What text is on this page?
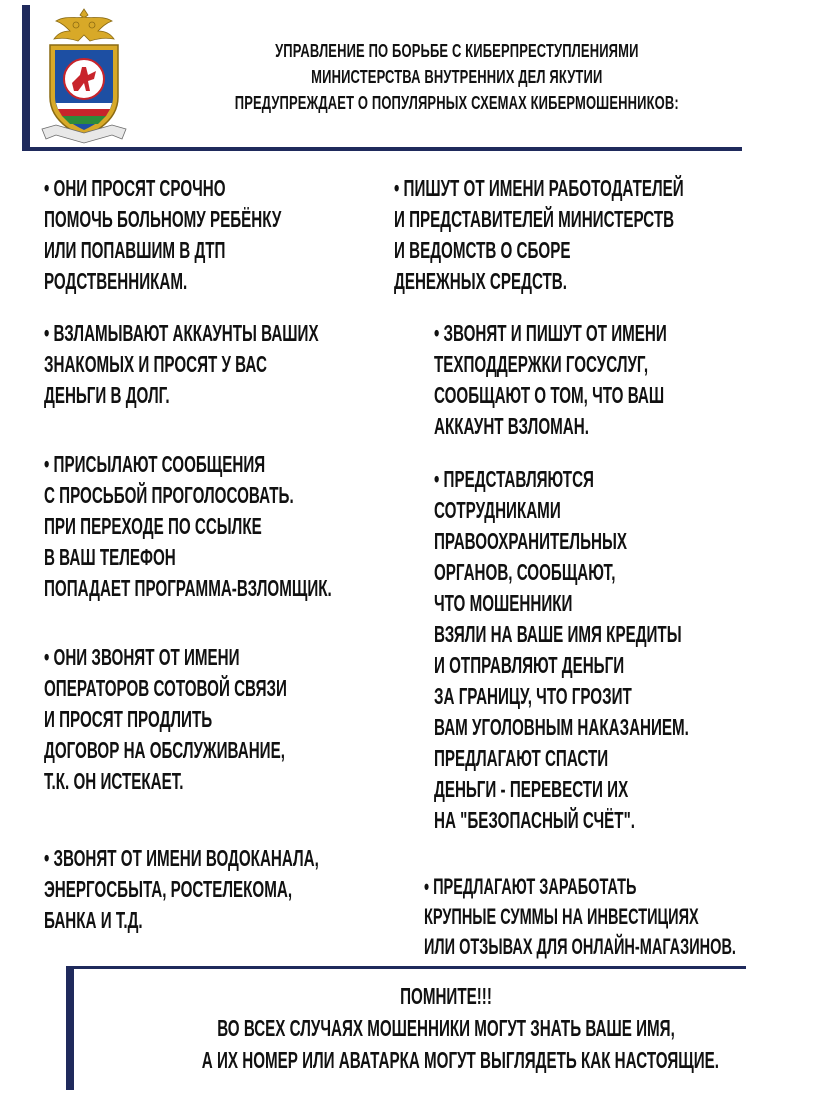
УПРАВЛЕНИЕ ПО БОРЬБЕ С КИБЕРПРЕСТУПЛЕНИЯМИ
МИНИСТЕРСТВА ВНУТРЕННИХ ДЕЛ ЯКУТИИ
ПРЕДУПРЕЖДАЕТ О ПОПУЛЯРНЫХ СХЕМАХ КИБЕРМОШЕННИКОВ:
• ОНИ ПРОСЯТ СРОЧНО
ПОМОЧЬ БОЛЬНОМУ РЕБЁНКУ
ИЛИ ПОПАВШИМ В ДТП
РОДСТВЕННИКАМ.
• ВЗЛАМЫВАЮТ АККАУНТЫ ВАШИХ
ЗНАКОМЫХ И ПРОСЯТ У ВАС
ДЕНЬГИ В ДОЛГ.
• ПРИСЫЛАЮТ СООБЩЕНИЯ
С ПРОСЬБОЙ ПРОГОЛОСОВАТЬ.
ПРИ ПЕРЕХОДЕ ПО ССЫЛКЕ
В ВАШ ТЕЛЕФОН
ПОПАДАЕТ ПРОГРАММА-ВЗЛОМЩИК.
• ОНИ ЗВОНЯТ ОТ ИМЕНИ
ОПЕРАТОРОВ СОТОВОЙ СВЯЗИ
И ПРОСЯТ ПРОДЛИТЬ
ДОГОВОР НА ОБСЛУЖИВАНИЕ,
Т.К. ОН ИСТЕКАЕТ.
• ЗВОНЯТ ОТ ИМЕНИ ВОДОКАНАЛА,
ЭНЕРГОСБЫТА, РОСТЕЛЕКОМА,
БАНКА И Т.Д.
• ПИШУТ ОТ ИМЕНИ РАБОТОДАТЕЛЕЙ
И ПРЕДСТАВИТЕЛЕЙ МИНИСТЕРСТВ
И ВЕДОМСТВ О СБОРЕ
ДЕНЕЖНЫХ СРЕДСТВ.
• ЗВОНЯТ И ПИШУТ ОТ ИМЕНИ
ТЕХПОДДЕРЖКИ ГОСУСЛУГ,
СООБЩАЮТ О ТОМ, ЧТО ВАШ
АККАУНТ ВЗЛОМАН.
• ПРЕДСТАВЛЯЮТСЯ
СОТРУДНИКАМИ
ПРАВООХРАНИТЕЛЬНЫХ
ОРГАНОВ, СООБЩАЮТ,
ЧТО МОШЕННИКИ
ВЗЯЛИ НА ВАШЕ ИМЯ КРЕДИТЫ
И ОТПРАВЛЯЮТ ДЕНЬГИ
ЗА ГРАНИЦУ, ЧТО ГРОЗИТ
ВАМ УГОЛОВНЫМ НАКАЗАНИЕМ.
ПРЕДЛАГАЮТ СПАСТИ
ДЕНЬГИ - ПЕРЕВЕСТИ ИХ
НА "БЕЗОПАСНЫЙ СЧЁТ".
• ПРЕДЛАГАЮТ ЗАРАБОТАТЬ
КРУПНЫЕ СУММЫ НА ИНВЕСТИЦИЯХ
ИЛИ ОТЗЫВАХ ДЛЯ ОНЛАЙН-МАГАЗИНОВ.
ПОМНИТЕ!!!
ВО ВСЕХ СЛУЧАЯХ МОШЕННИКИ МОГУТ ЗНАТЬ ВАШЕ ИМЯ,
А ИХ НОМЕР ИЛИ АВАТАРКА МОГУТ ВЫГЛЯДЕТЬ КАК НАСТОЯЩИЕ.
